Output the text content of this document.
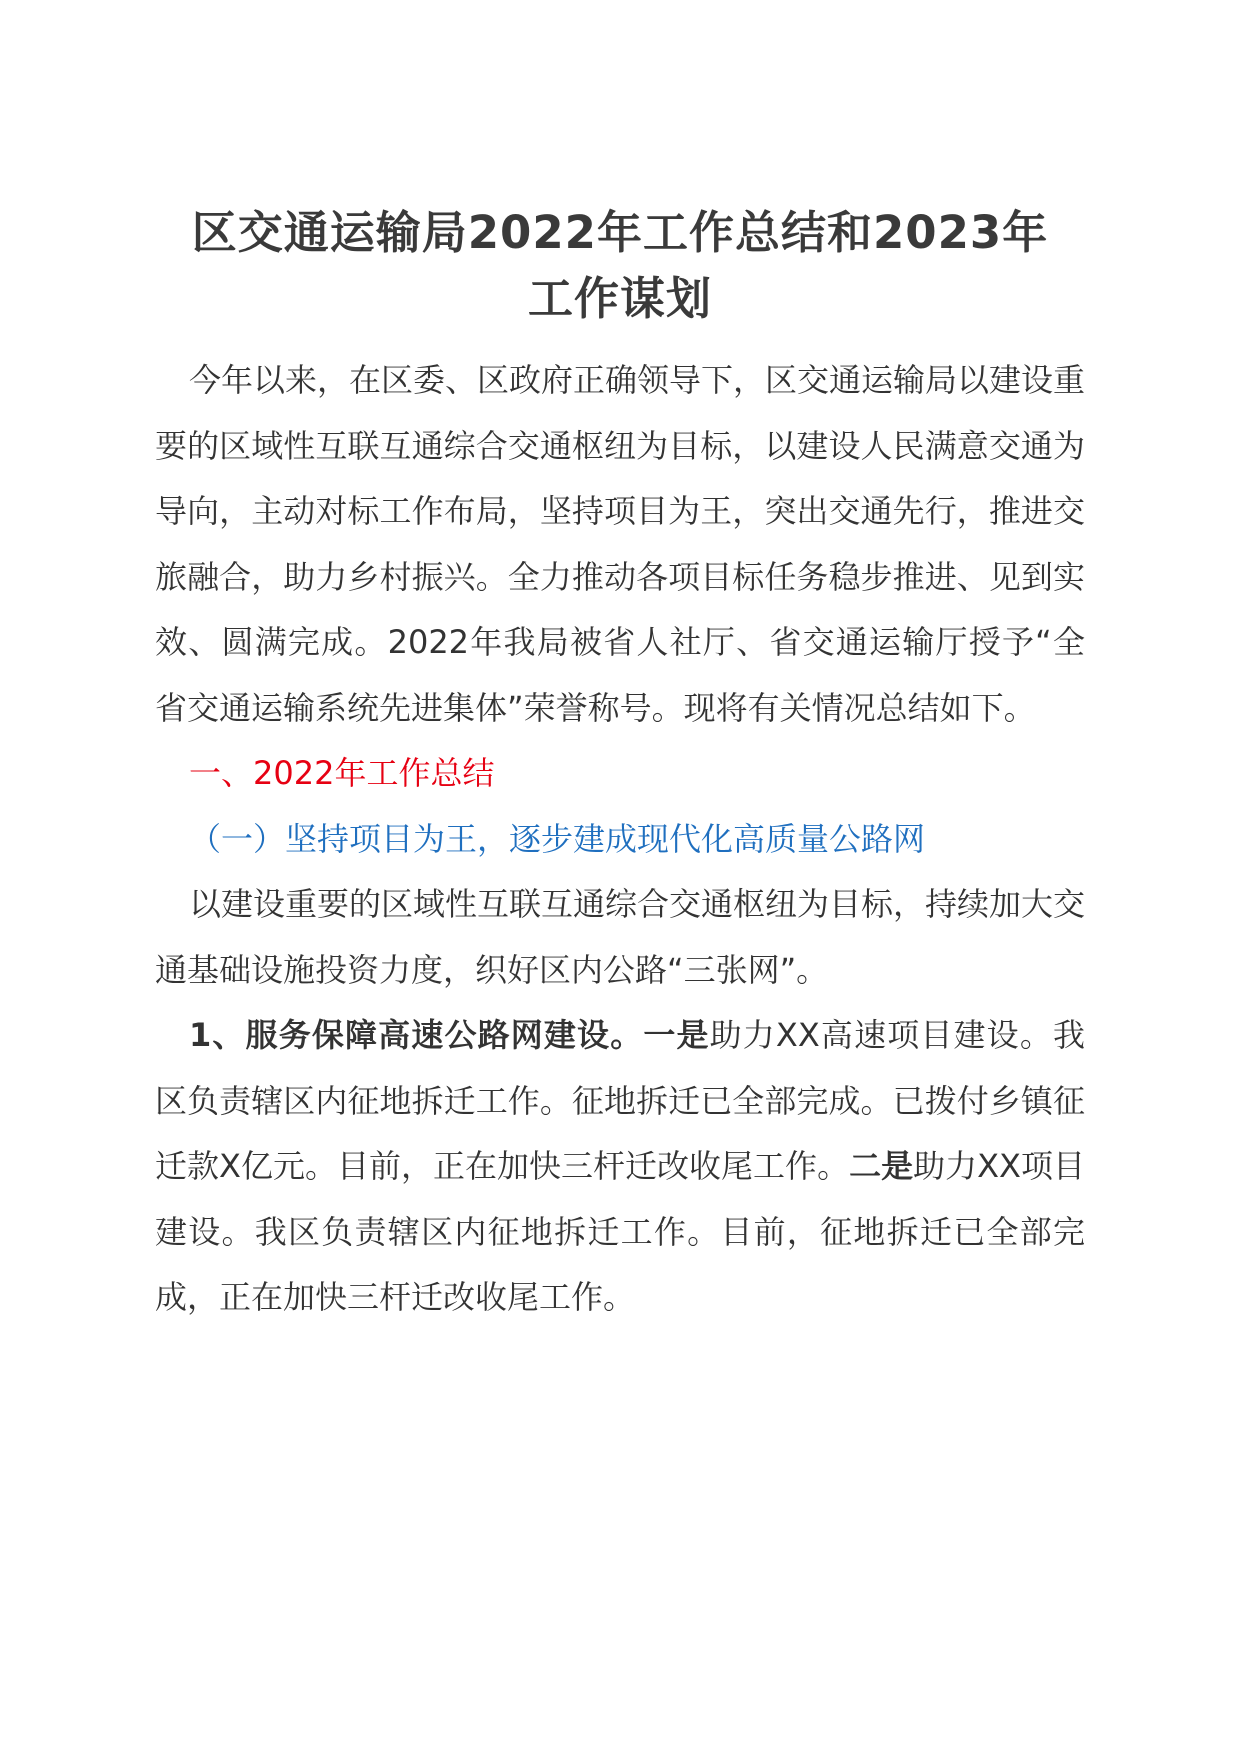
区交通运输局2022年工作总结和2023年
工作谋划

今年以来，在区委、区政府正确领导下，区交通运输局以建设重要的区域性互联互通综合交通枢纽为目标，以建设人民满意交通为导向，主动对标工作布局，坚持项目为王，突出交通先行，推进交旅融合，助力乡村振兴。全力推动各项目标任务稳步推进、见到实效、圆满完成。2022年我局被省人社厅、省交通运输厅授予“全省交通运输系统先进集体”荣誉称号。现将有关情况总结如下。

一、2022年工作总结

（一）坚持项目为王，逐步建成现代化高质量公路网

以建设重要的区域性互联互通综合交通枢纽为目标，持续加大交通基础设施投资力度，织好区内公路“三张网”。

1、服务保障高速公路网建设。一是助力XX高速项目建设。我区负责辖区内征地拆迁工作。征地拆迁已全部完成。已拨付乡镇征迁款X亿元。目前，正在加快三杆迁改收尾工作。二是助力XX项目建设。我区负责辖区内征地拆迁工作。目前，征地拆迁已全部完成，正在加快三杆迁改收尾工作。
